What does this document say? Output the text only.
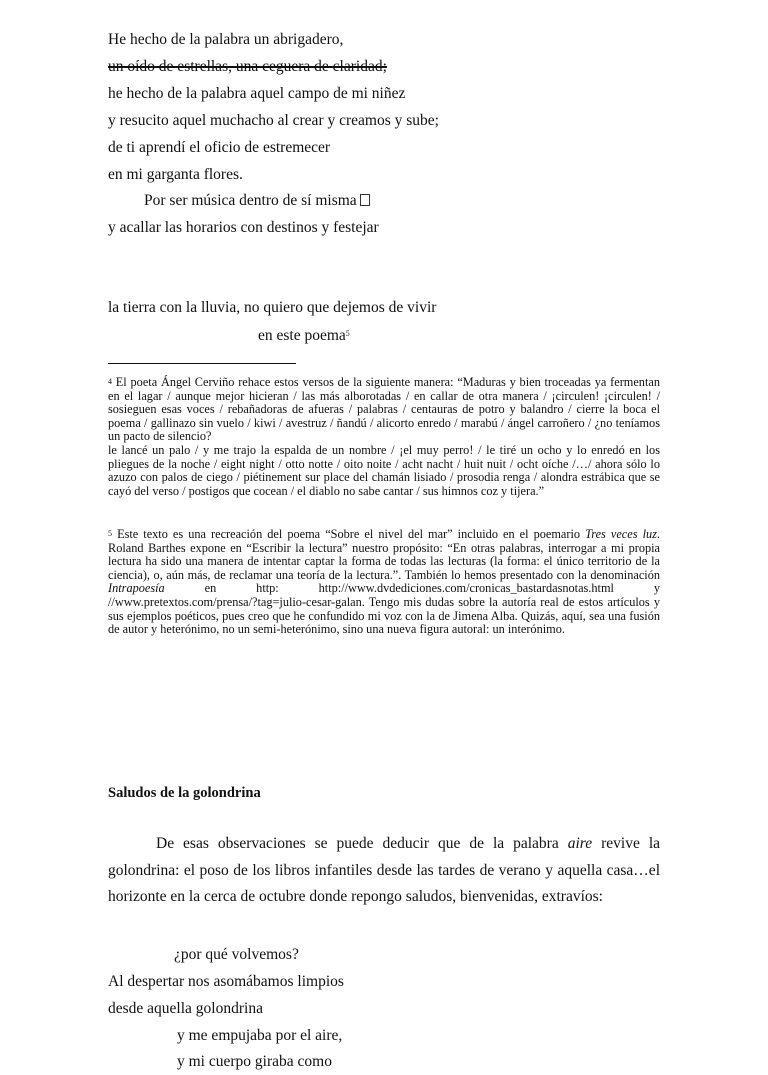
He hecho de la palabra un abrigadero,
un oído de estrellas, una ceguera de claridad;
he hecho de la palabra aquel campo de mi niñez
y resucito aquel muchacho al crear y creamos y sube;
de ti aprendí el oficio de estremecer
en mi garganta flores.
Por ser música dentro de sí misma
y acallar las horarios con destinos y festejar
la tierra con la lluvia, no quiero que dejemos de vivir
en este poema$^5$

$^4$ El poeta Ángel Cerviño rehace estos versos de la siguiente manera: “Maduras y bien troceadas ya fermentan en el lagar / aunque mejor hicieran / las más alborotadas / en callar de otra manera / ¡circulen! ¡circulen! / sosieguen esas voces / rebañadoras de afueras / palabras / centauras de potro y balandro / cierre la boca el poema / gallinazo sin vuelo / kiwi / avestruz / ñandú / alicorto enredo / marabú / ángel carroñero / ¿no teníamos un pacto de silencio?

le lancé un palo / y me trajo la espalda de un nombre / ¡el muy perro! / le tiré un ocho y lo enredó en los pliegues de la noche / eight night / otto notte / oito noite / acht nacht / huit nuit / ocht oíche /…/ ahora sólo lo azuzo con palos de ciego / piétinement sur place del chamán lisiado / prosodia renga / alondra estrábica que se cayó del verso / postigos que cocean / el diablo no sabe cantar / sus himnos coz y tijera.”

$^5$ Este texto es una recreación del poema “Sobre el nivel del mar” incluido en el poemario Tres veces luz. Roland Barthes expone en “Escribir la lectura” nuestro propósito: “En otras palabras, interrogar a mi propia lectura ha sido una manera de intentar captar la forma de todas las lecturas (la forma: el único territorio de la ciencia), o, aún más, de reclamar una teoría de la lectura.”. También lo hemos presentado con la denominación Intrapoesía	en http: http://www.dvdediciones.com/cronicas_bastardasnotas.html y //www.pretextos.com/prensa/?tag=julio-cesar-galan. Tengo mis dudas sobre la autoría real de estos artículos y sus ejemplos poéticos, pues creo que he confundido mi voz con la de Jimena Alba. Quizás, aquí, sea una fusión de autor y heterónimo, no un semi-heterónimo, sino una nueva figura autoral: un interónimo.

Saludos de la golondrina
De esas observaciones se puede deducir que de la palabra aire revive la golondrina: el poso de los libros infantiles desde las tardes de verano y aquella casa…el horizonte en la cerca de octubre donde repongo saludos, bienvenidas, extravíos:
¿por qué volvemos?
Al despertar nos asomábamos limpios
desde aquella golondrina
y me empujaba por el aire,
y mi cuerpo giraba como
